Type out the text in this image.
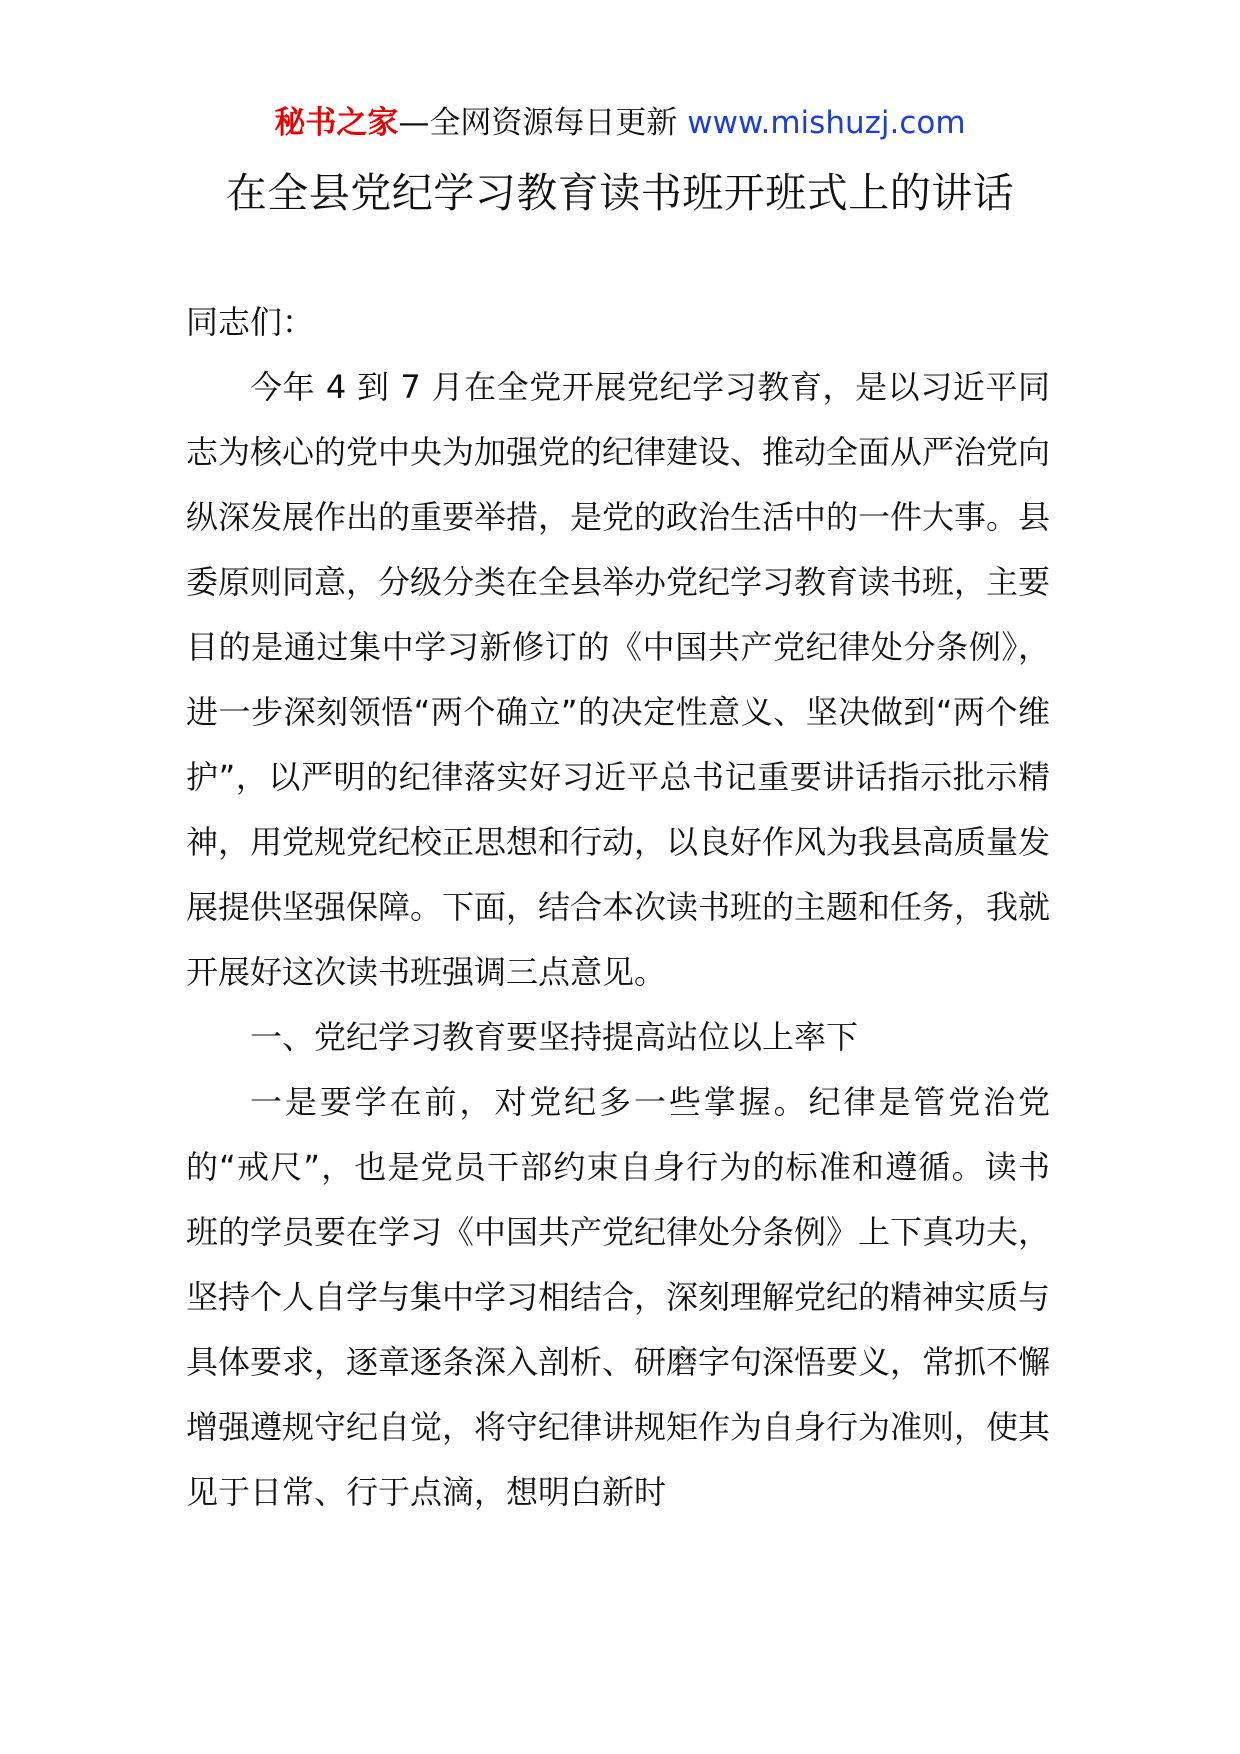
秘书之家—全网资源每日更新 www.mishuzj.com
在全县党纪学习教育读书班开班式上的讲话

同志们：

今年 4 到 7 月在全党开展党纪学习教育，是以习近平同志为核心的党中央为加强党的纪律建设、推动全面从严治党向纵深发展作出的重要举措，是党的政治生活中的一件大事。县委原则同意，分级分类在全县举办党纪学习教育读书班，主要目的是通过集中学习新修订的《中国共产党纪律处分条例》，进一步深刻领悟“两个确立”的决定性意义、坚决做到“两个维护”，以严明的纪律落实好习近平总书记重要讲话指示批示精神，用党规党纪校正思想和行动，以良好作风为我县高质量发展提供坚强保障。下面，结合本次读书班的主题和任务，我就开展好这次读书班强调三点意见。

一、党纪学习教育要坚持提高站位以上率下

一是要学在前，对党纪多一些掌握。纪律是管党治党的“戒尺”，也是党员干部约束自身行为的标准和遵循。读书班的学员要在学习《中国共产党纪律处分条例》上下真功夫，坚持个人自学与集中学习相结合，深刻理解党纪的精神实质与具体要求，逐章逐条深入剖析、研磨字句深悟要义，常抓不懈增强遵规守纪自觉，将守纪律讲规矩作为自身行为准则，使其见于日常、行于点滴，想明白新时
